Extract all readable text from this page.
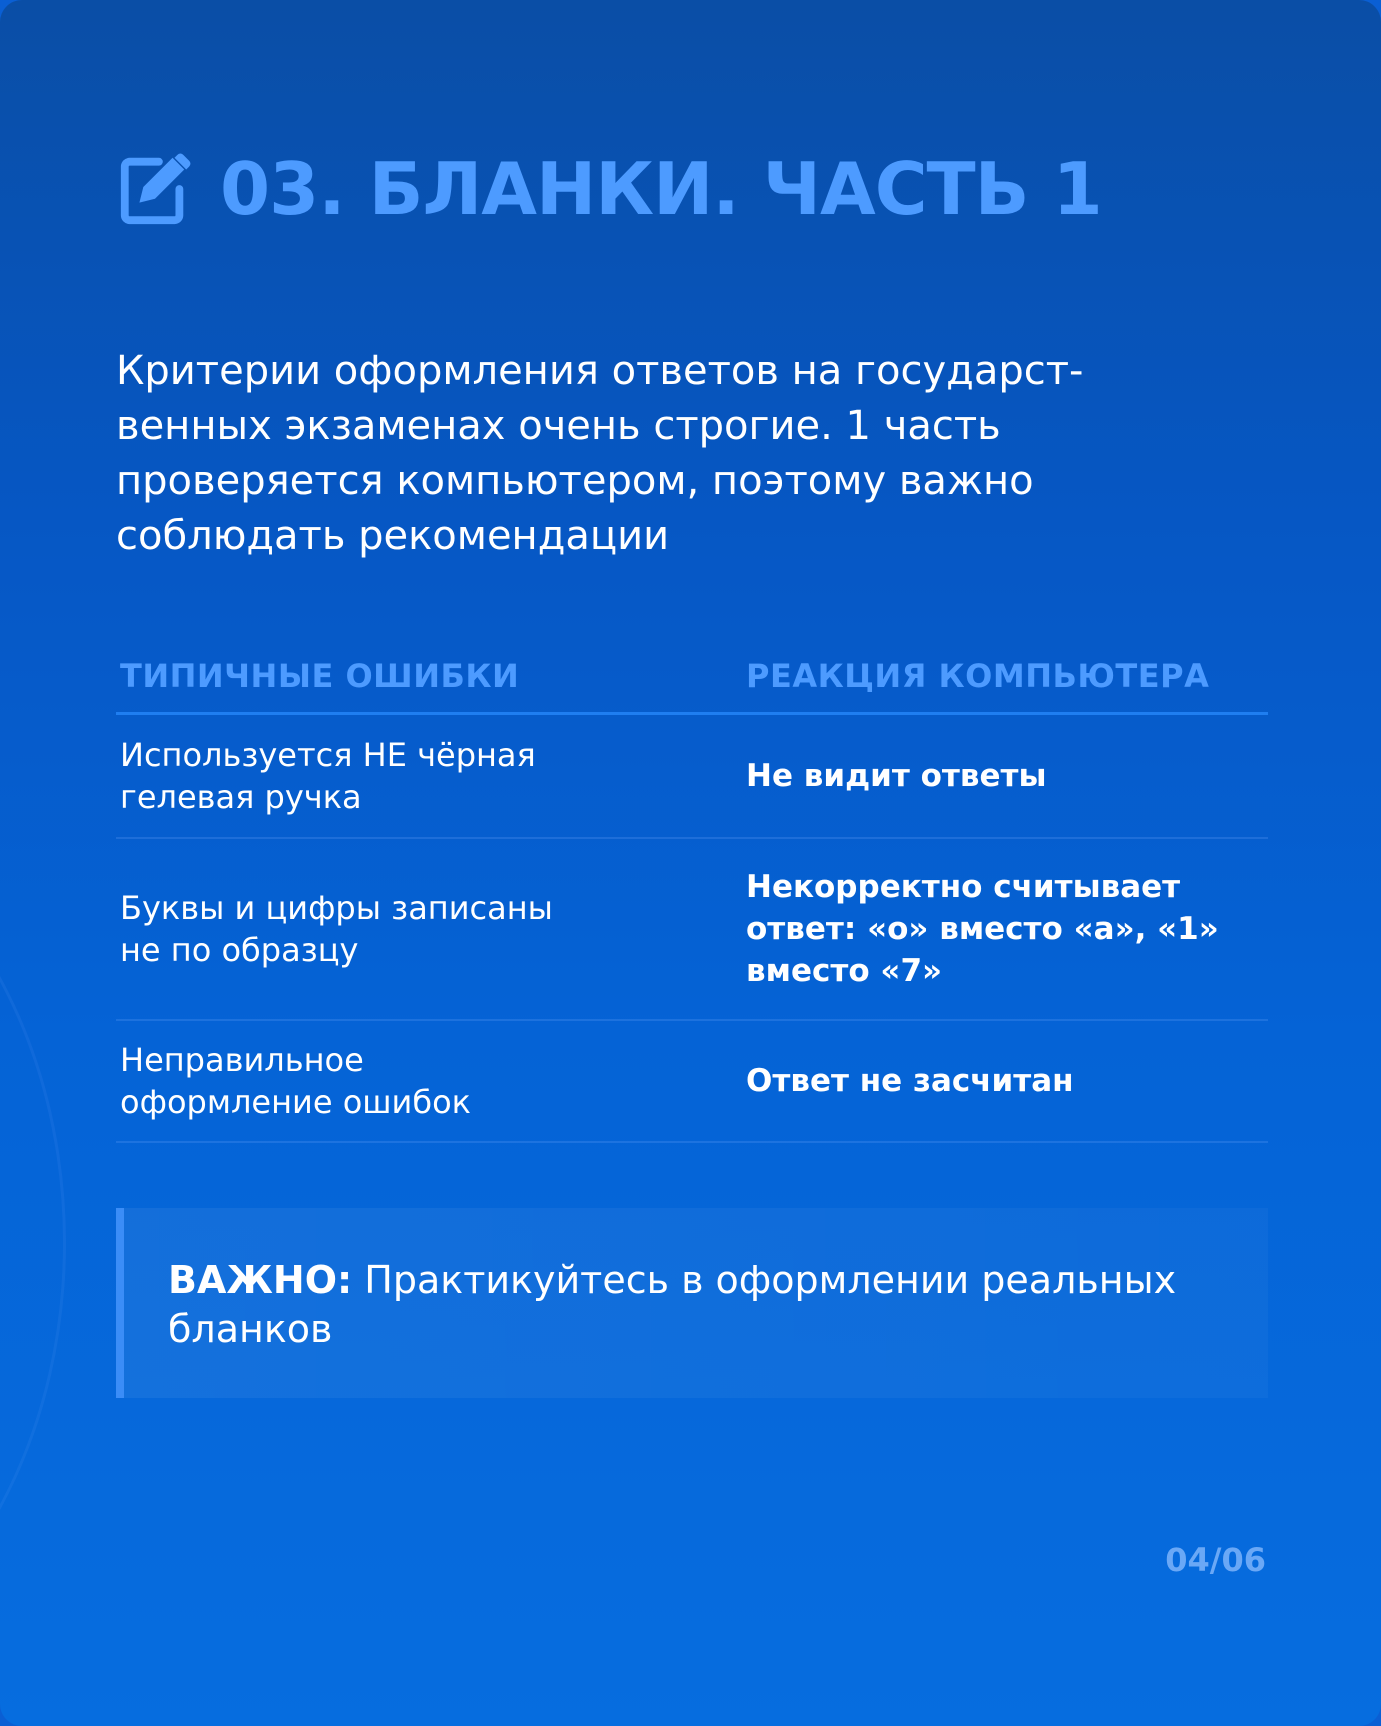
03. БЛАНКИ. ЧАСТЬ 1
Критерии оформления ответов на государст-
венных экзаменах очень строгие. 1 часть
проверяется компьютером, поэтому важно
соблюдать рекомендации
ТИПИЧНЫЕ ОШИБКИ	РЕАКЦИЯ КОМПЬЮТЕРА
Используется НЕ чёрная
гелевая ручка
Не видит ответы
Буквы и цифры записаны
не по образцу
Некорректно считывает
ответ: «о» вместо «а», «1»
вместо «7»
Неправильное
оформление ошибок
Ответ не засчитан
ВАЖНО: Практикуйтесь в оформлении реальных бланков
04/06
